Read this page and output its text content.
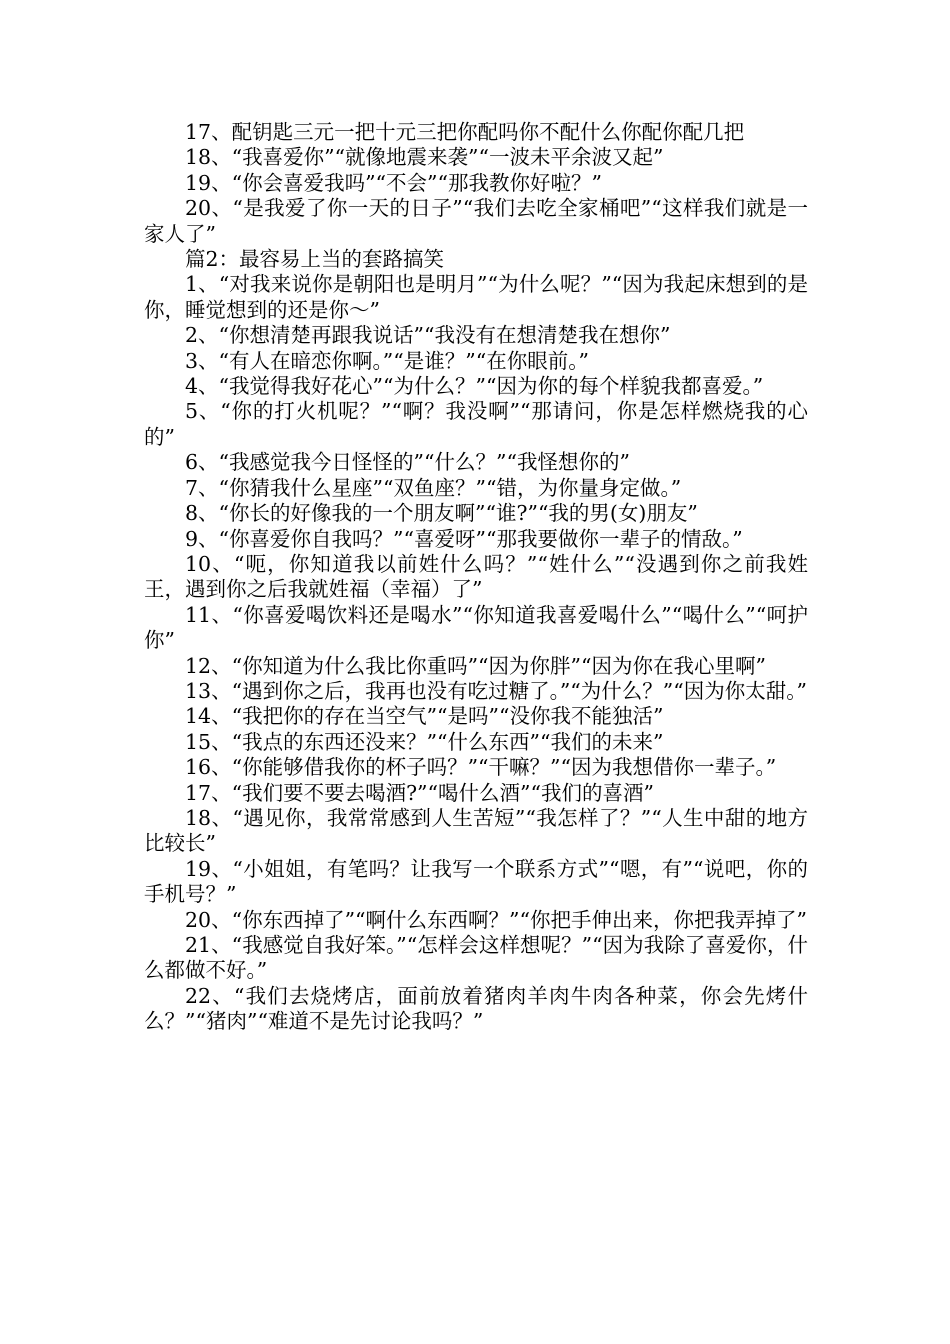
17、配钥匙三元一把十元三把你配吗你不配什么你配你配几把

18、“我喜爱你”“就像地震来袭”“一波未平余波又起”

19、“你会喜爱我吗”“不会”“那我教你好啦？”

20、“是我爱了你一天的日子”“我们去吃全家桶吧”“这样我们就是一家人了”

篇2：最容易上当的套路搞笑

1、“对我来说你是朝阳也是明月”“为什么呢？”“因为我起床想到的是你，睡觉想到的还是你～”

2、“你想清楚再跟我说话”“我没有在想清楚我在想你”

3、“有人在暗恋你啊。”“是谁？”“在你眼前。”

4、“我觉得我好花心”“为什么？”“因为你的每个样貌我都喜爱。”

5、“你的打火机呢？”“啊？我没啊”“那请问，你是怎样燃烧我的心的”

6、“我感觉我今日怪怪的”“什么？”“我怪想你的”

7、“你猜我什么星座”“双鱼座？”“错，为你量身定做。”

8、“你长的好像我的一个朋友啊”“谁?”“我的男(女)朋友”

9、“你喜爱你自我吗？”“喜爱呀”“那我要做你一辈子的情敌。”

10、“呃，你知道我以前姓什么吗？”“姓什么”“没遇到你之前我姓王，遇到你之后我就姓福（幸福）了”

11、“你喜爱喝饮料还是喝水”“你知道我喜爱喝什么”“喝什么”“呵护你”

12、“你知道为什么我比你重吗”“因为你胖”“因为你在我心里啊”

13、“遇到你之后，我再也没有吃过糖了。”“为什么？”“因为你太甜。”

14、“我把你的存在当空气”“是吗”“没你我不能独活”

15、“我点的东西还没来？”“什么东西”“我们的未来”

16、“你能够借我你的杯子吗？”“干嘛？”“因为我想借你一辈子。”

17、“我们要不要去喝酒?”“喝什么酒”“我们的喜酒”

18、“遇见你，我常常感到人生苦短”“我怎样了？”“人生中甜的地方比较长”

19、“小姐姐，有笔吗？让我写一个联系方式”“嗯，有”“说吧，你的手机号？”

20、“你东西掉了”“啊什么东西啊？”“你把手伸出来，你把我弄掉了”

21、“我感觉自我好笨。”“怎样会这样想呢？”“因为我除了喜爱你，什么都做不好。”

22、“我们去烧烤店，面前放着猪肉羊肉牛肉各种菜，你会先烤什么？”“猪肉”“难道不是先讨论我吗？”
